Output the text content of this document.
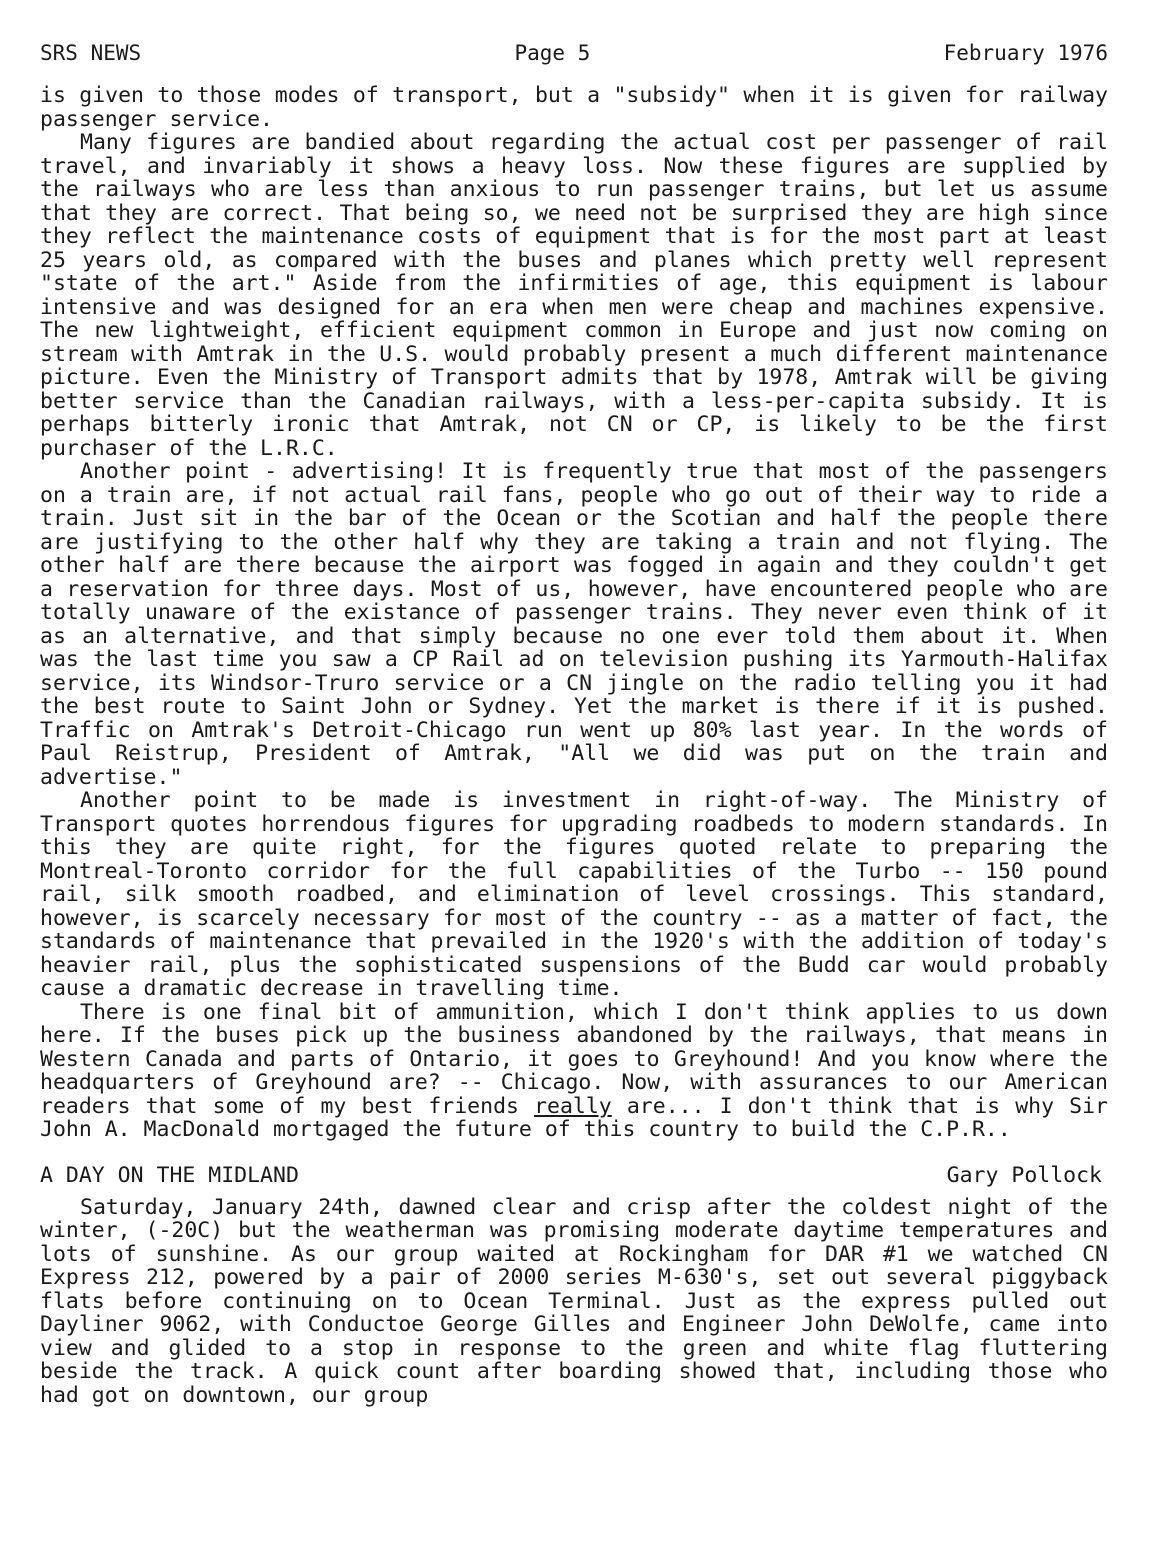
SRS NEWS	Page 5	February 1976

is given to those modes of transport, but a "subsidy" when it is given for railway passenger service.

Many figures are bandied about regarding the actual cost per passenger of rail travel, and invariably it shows a heavy loss. Now these figures are supplied by the railways who are less than anxious to run passenger trains, but let us assume that they are correct. That being so, we need not be surprised they are high since they reflect the maintenance costs of equipment that is for the most part at least 25 years old, as compared with the buses and planes which pretty well represent "state of the art." Aside from the infirmities of age, this equipment is labour intensive and was designed for an era when men were cheap and machines expensive. The new lightweight, efficient equipment common in Europe and just now coming on stream with Amtrak in the U.S. would probably present a much different maintenance picture. Even the Ministry of Transport admits that by 1978, Amtrak will be giving better service than the Canadian railways, with a less-per-capita subsidy. It is perhaps bitterly ironic that Amtrak, not CN or CP, is likely to be the first purchaser of the L.R.C.

Another point - advertising! It is frequently true that most of the passengers on a train are, if not actual rail fans, people who go out of their way to ride a train. Just sit in the bar of the Ocean or the Scotian and half the people there are justifying to the other half why they are taking a train and not flying. The other half are there because the airport was fogged in again and they couldn't get a reservation for three days. Most of us, however, have encountered people who are totally unaware of the existance of passenger trains. They never even think of it as an alternative, and that simply because no one ever told them about it. When was the last time you saw a CP Rail ad on television pushing its Yarmouth-Halifax service, its Windsor-Truro service or a CN jingle on the radio telling you it had the best route to Saint John or Sydney. Yet the market is there if it is pushed. Traffic on Amtrak's Detroit-Chicago run went up 80% last year. In the words of Paul Reistrup, President of Amtrak, "All we did was put on the train and advertise."

Another point to be made is investment in right-of-way. The Ministry of Transport quotes horrendous figures for upgrading roadbeds to modern standards. In this they are quite right, for the figures quoted relate to preparing the Montreal-Toronto corridor for the full capabilities of the Turbo -- 150 pound rail, silk smooth roadbed, and elimination of level crossings. This standard, however, is scarcely necessary for most of the country -- as a matter of fact, the standards of maintenance that prevailed in the 1920's with the addition of today's heavier rail, plus the sophisticated suspensions of the Budd car would probably cause a dramatic decrease in travelling time.

There is one final bit of ammunition, which I don't think applies to us down here. If the buses pick up the business abandoned by the railways, that means in Western Canada and parts of Ontario, it goes to Greyhound! And you know where the headquarters of Greyhound are? -- Chicago. Now, with assurances to our American readers that some of my best friends really are... I don't think that is why Sir John A. MacDonald mortgaged the future of this country to build the C.P.R..

A DAY ON THE MIDLAND	Gary Pollock

Saturday, January 24th, dawned clear and crisp after the coldest night of the winter, (-20C) but the weatherman was promising moderate daytime temperatures and lots of sunshine. As our group waited at Rockingham for DAR #1 we watched CN Express 212, powered by a pair of 2000 series M-630's, set out several piggyback flats before continuing on to Ocean Terminal. Just as the express pulled out Dayliner 9062, with Conductoe George Gilles and Engineer John DeWolfe, came into view and glided to a stop in response to the green and white flag fluttering beside the track. A quick count after boarding showed that, including those who had got on downtown, our group
